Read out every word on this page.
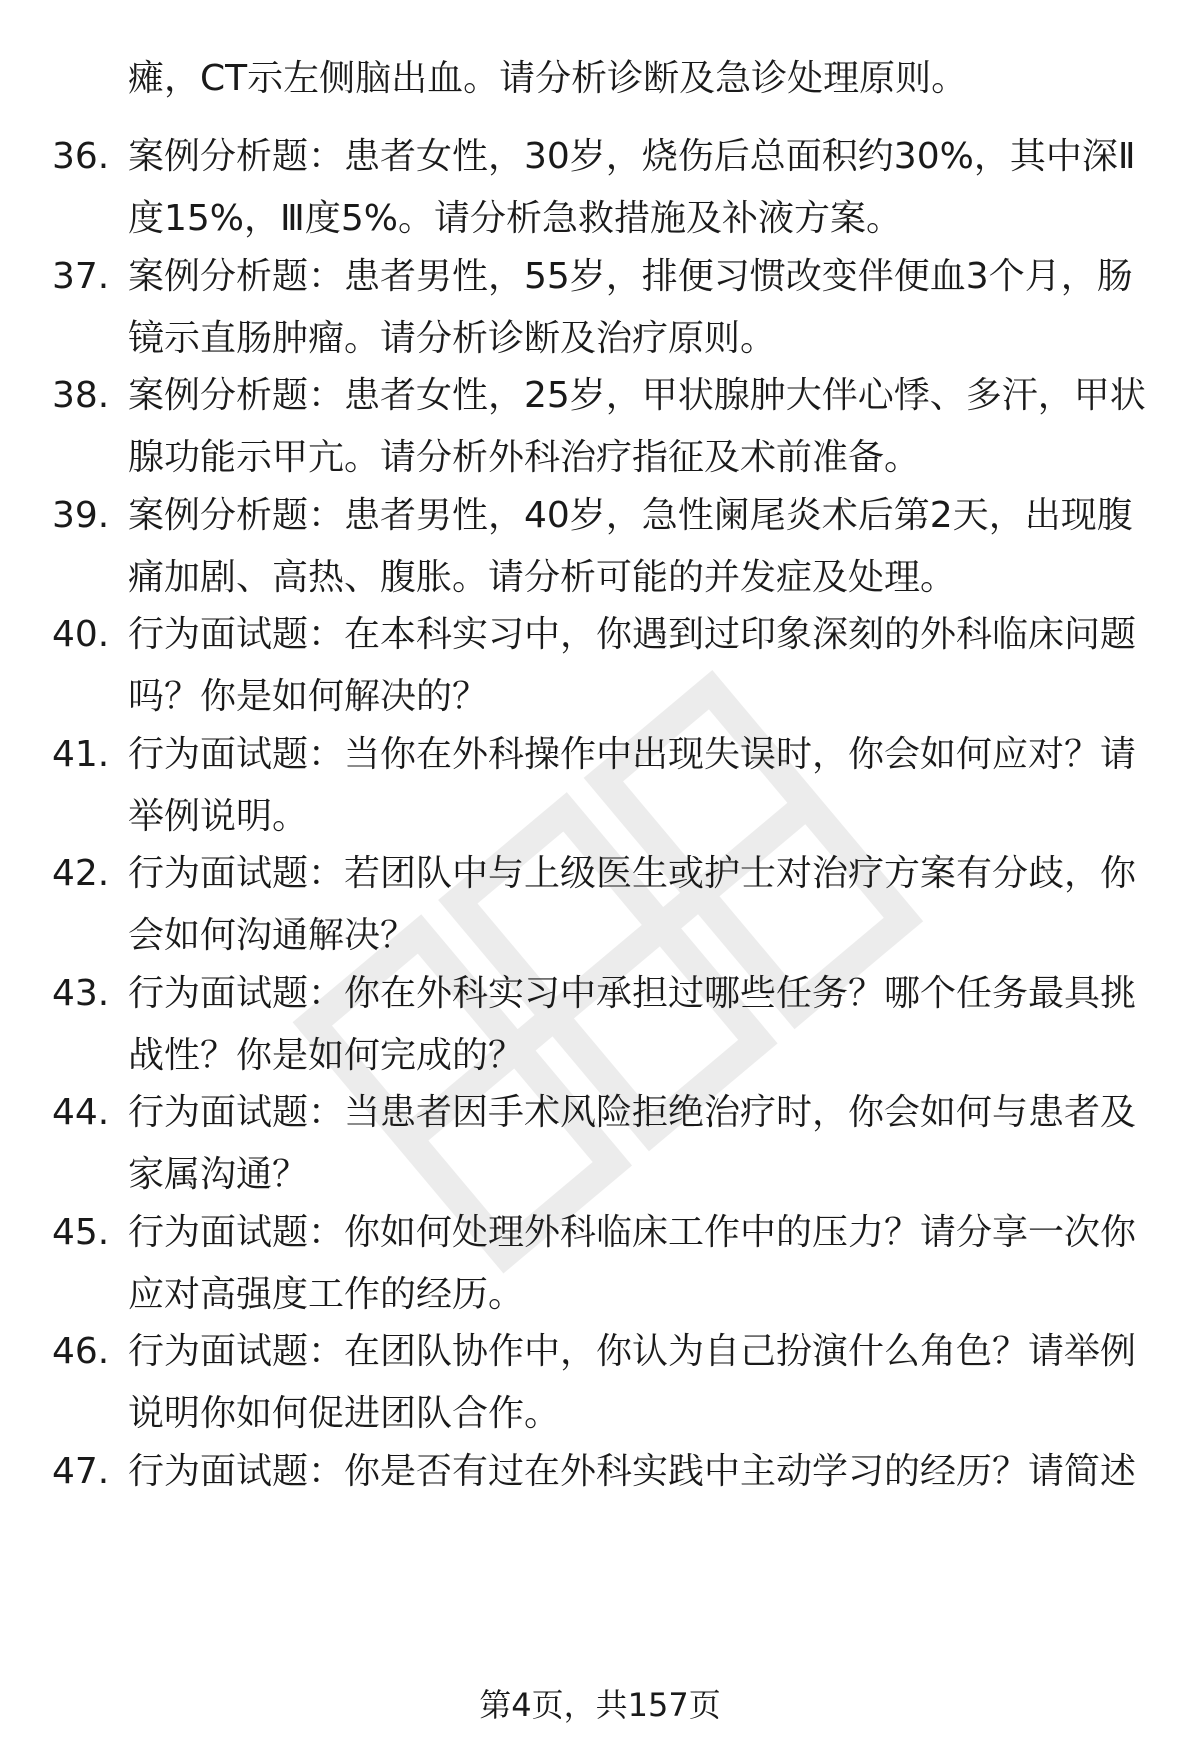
瘫，CT示左侧脑出血。请分析诊断及急诊处理原则。
36. 案例分析题：患者女性，30岁，烧伤后总面积约30%，其中深Ⅱ
度15%，Ⅲ度5%。请分析急救措施及补液方案。
37. 案例分析题：患者男性，55岁，排便习惯改变伴便血3个月，肠
镜示直肠肿瘤。请分析诊断及治疗原则。
38. 案例分析题：患者女性，25岁，甲状腺肿大伴心悸、多汗，甲状
腺功能示甲亢。请分析外科治疗指征及术前准备。
39. 案例分析题：患者男性，40岁，急性阑尾炎术后第2天，出现腹
痛加剧、高热、腹胀。请分析可能的并发症及处理。
40. 行为面试题：在本科实习中，你遇到过印象深刻的外科临床问题
吗？你是如何解决的？
41. 行为面试题：当你在外科操作中出现失误时，你会如何应对？请
举例说明。
42. 行为面试题：若团队中与上级医生或护士对治疗方案有分歧，你
会如何沟通解决？
43. 行为面试题：你在外科实习中承担过哪些任务？哪个任务最具挑
战性？你是如何完成的？
44. 行为面试题：当患者因手术风险拒绝治疗时，你会如何与患者及
家属沟通？
45. 行为面试题：你如何处理外科临床工作中的压力？请分享一次你
应对高强度工作的经历。
46. 行为面试题：在团队协作中，你认为自己扮演什么角色？请举例
说明你如何促进团队合作。
47. 行为面试题：你是否有过在外科实践中主动学习的经历？请简述
第4页，共157页
